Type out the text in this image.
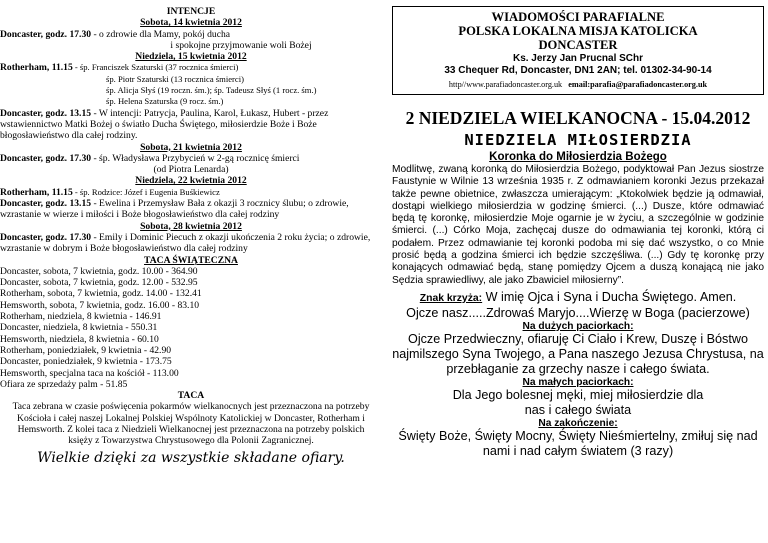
INTENCJE

Sobota, 14 kwietnia 2012

Doncaster, godz. 17.30 - o zdrowie dla Mamy, pokój ducha

i spokojne przyjmowanie woli Bożej

Niedziela, 15 kwietnia 2012

Rotherham, 11.15 - śp. Franciszek Szaturski (37 rocznica śmierci)

śp. Piotr Szaturski (13 rocznica śmierci)

śp. Alicja Słyś (19 roczn. śm.); śp. Tadeusz Słyś (1 rocz. śm.)

śp. Helena Szaturska (9 rocz. śm.)

Doncaster, godz. 13.15 - W intencji: Patrycja, Paulina, Karol, Łukasz, Hubert - przez wstawiennictwo Matki Bożej o światło Ducha Świętego, miłosierdzie Boże i Boże błogosławieństwo dla całej rodziny.

Sobota, 21 kwietnia 2012

Doncaster, godz. 17.30 - śp. Władysława Przybycień w 2-gą rocznicę śmierci

(od Piotra Lenarda)

Niedziela, 22 kwietnia 2012

Rotherham, 11.15 - śp. Rodzice: Józef i Eugenia Buśkiewicz

Doncaster, godz. 13.15 - Ewelina i Przemysław Bała z okazji 3 rocznicy ślubu; o zdrowie, wzrastanie w wierze i miłości i Boże błogosławieństwo dla całej rodziny

Sobota, 28 kwietnia 2012

Doncaster, godz. 17.30 - Emily i Dominic Piecuch z okazji ukończenia 2 roku życia; o zdrowie, wzrastanie w dobrym i Boże błogosławieństwo dla całej rodziny

TACA ŚWIĄTECZNA

Doncaster, sobota, 7 kwietnia, godz. 10.00 - 364.90

Doncaster, sobota, 7 kwietnia, godz. 12.00 - 532.95

Rotherham, sobota, 7 kwietnia, godz. 14.00 - 132.41

Hemsworth, sobota, 7 kwietnia, godz. 16.00 - 83.10

Rotherham, niedziela, 8 kwietnia - 146.91

Doncaster, niedziela, 8 kwietnia - 550.31

Hemsworth, niedziela, 8 kwietnia - 60.10

Rotherham, poniedziałek, 9 kwietnia - 42.90

Doncaster, poniedziałek, 9 kwietnia - 173.75

Hemsworth, specjalna taca na kościół - 113.00

Ofiara ze sprzedaży palm - 51.85

TACA

Taca zebrana w czasie poświęcenia pokarmów wielkanocnych jest przeznaczona na potrzeby Kościoła i całej naszej Lokalnej Polskiej Wspólnoty Katolickiej w Doncaster, Rotherham i Hemsworth. Z kolei taca z Niedzieli Wielkanocnej jest przeznaczona na potrzeby polskich księży z Towarzystwa Chrystusowego dla Polonii Zagranicznej.

Wielkie dzięki za wszystkie składane ofiary.

WIADOMOŚCI PARAFIALNE
POLSKA LOKALNA MISJA KATOLICKA
DONCASTER
Ks. Jerzy Jan Prucnal SChr
33 Chequer Rd, Doncaster, DN1 2AN; tel. 01302-34-90-14
http//www.parafiadoncaster.org.uk email:parafia@parafiadoncaster.org.uk
2 NIEDZIELA WIELKANOCNA - 15.04.2012
NIEDZIELA MIŁOSIERDZIA
Koronka do Miłosierdzia Bożego

Modlitwę, zwaną koronką do Miłosierdzia Bożego, podyktował Pan Jezus siostrze Faustynie w Wilnie 13 września 1935 r. Z odmawianiem koronki Jezus przekazał także pewne obietnice, zwłaszcza umierającym: „Ktokolwiek będzie ją odmawiał, dostąpi wielkiego miłosierdzia w godzinę śmierci. (...) Dusze, które odmawiać będą tę koronkę, miłosierdzie Moje ogarnie je w życiu, a szczególnie w godzinie śmierci. (...) Córko Moja, zachęcaj dusze do odmawiania tej koronki, którą ci podałem. Przez odmawianie tej koronki podoba mi się dać wszystko, o co Mnie prosić będą a godzina śmierci ich będzie szczęśliwa. (...) Gdy tę koronkę przy konających odmawiać będą, stanę pomiędzy Ojcem a duszą konającą nie jako Sędzia sprawiedliwy, ale jako Zbawiciel miłosierny”.

Znak krzyża: W imię Ojca i Syna i Ducha Świętego. Amen.
Ojcze nasz.....Zdrowaś Maryjo....Wierzę w Boga (pacierzowe)
Na dużych paciorkach:
Ojcze Przedwieczny, ofiaruję Ci Ciało i Krew, Duszę i Bóstwo najmilszego Syna Twojego, a Pana naszego Jezusa Chrystusa, na przebłaganie za grzechy nasze i całego świata.
Na małych paciorkach:
Dla Jego bolesnej męki, miej miłosierdzie dla nas i całego świata
Na zakończenie:
Święty Boże, Święty Mocny, Święty Nieśmiertelny, zmiłuj się nad nami i nad całym światem (3 razy)
